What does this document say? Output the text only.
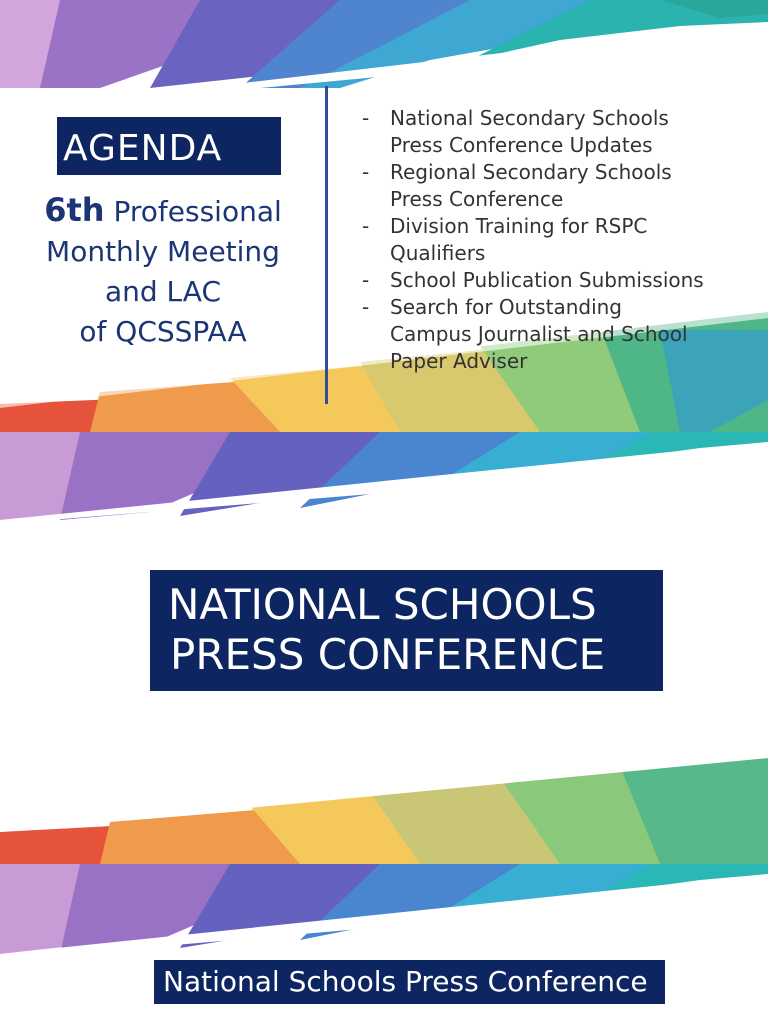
AGENDA
6th Professional
Monthly Meeting
and LAC
of QCSSPAA
- National Secondary Schools
Press Conference Updates
- Regional Secondary Schools
Press Conference
- Division Training for RSPC
Qualifiers
- School Publication Submissions
- Search for Outstanding
Campus Journalist and School
Paper Adviser
NATIONAL SCHOOLS
PRESS CONFERENCE
National Schools Press Conference
